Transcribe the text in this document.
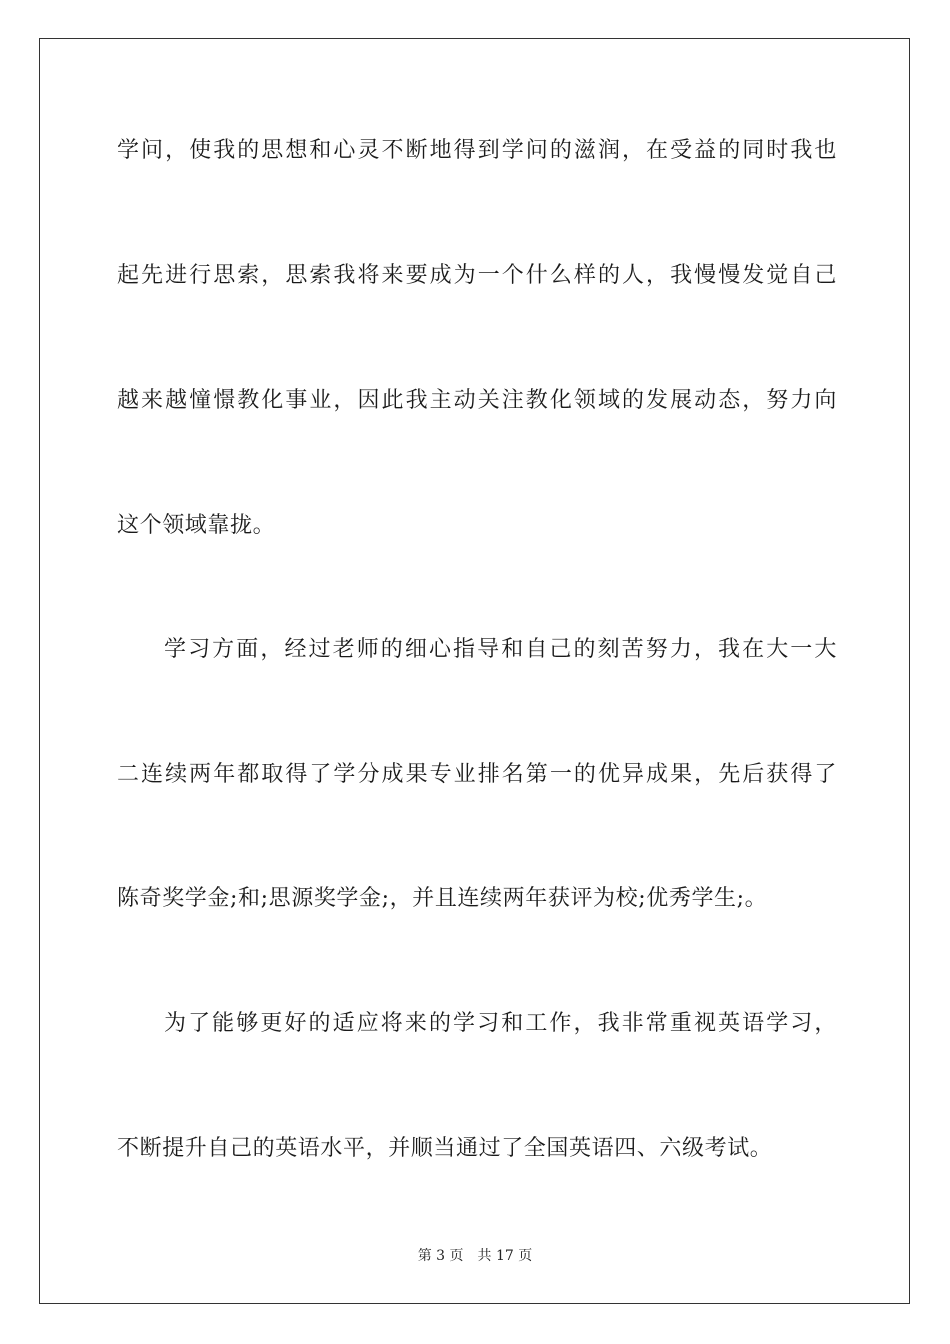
学问，使我的思想和心灵不断地得到学问的滋润，在受益的同时我也
起先进行思索，思索我将来要成为一个什么样的人，我慢慢发觉自己
越来越憧憬教化事业，因此我主动关注教化领域的发展动态，努力向
这个领域靠拢。
学习方面，经过老师的细心指导和自己的刻苦努力，我在大一大
二连续两年都取得了学分成果专业排名第一的优异成果，先后获得了
陈奇奖学金;和;思源奖学金;，并且连续两年获评为校;优秀学生;。
为了能够更好的适应将来的学习和工作，我非常重视英语学习，
不断提升自己的英语水平，并顺当通过了全国英语四、六级考试。
第 3 页 共 17 页
